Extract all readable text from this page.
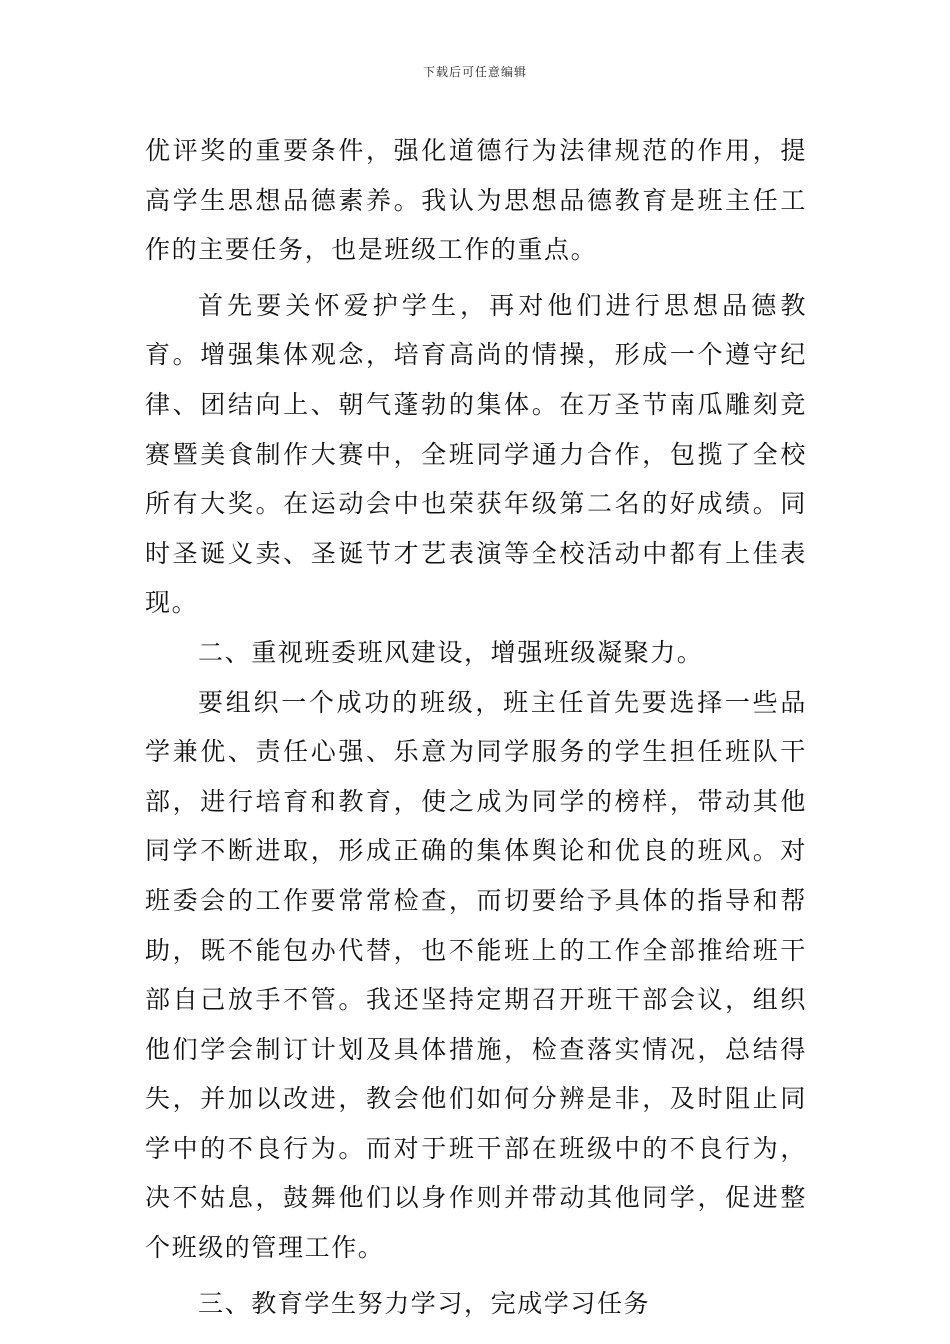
下载后可任意编辑

优评奖的重要条件，强化道德行为法律规范的作用，提高学生思想品德素养。我认为思想品德教育是班主任工作的主要任务，也是班级工作的重点。

首先要关怀爱护学生，再对他们进行思想品德教育。增强集体观念，培育高尚的情操，形成一个遵守纪律、团结向上、朝气蓬勃的集体。在万圣节南瓜雕刻竞赛暨美食制作大赛中，全班同学通力合作，包揽了全校所有大奖。在运动会中也荣获年级第二名的好成绩。同时圣诞义卖、圣诞节才艺表演等全校活动中都有上佳表现。

二、重视班委班风建设，增强班级凝聚力。

要组织一个成功的班级，班主任首先要选择一些品学兼优、责任心强、乐意为同学服务的学生担任班队干部，进行培育和教育，使之成为同学的榜样，带动其他同学不断进取，形成正确的集体舆论和优良的班风。对班委会的工作要常常检查，而切要给予具体的指导和帮助，既不能包办代替，也不能班上的工作全部推给班干部自己放手不管。我还坚持定期召开班干部会议，组织他们学会制订计划及具体措施，检查落实情况，总结得失，并加以改进，教会他们如何分辨是非，及时阻止同学中的不良行为。而对于班干部在班级中的不良行为，决不姑息，鼓舞他们以身作则并带动其他同学，促进整个班级的管理工作。

三、教育学生努力学习，完成学习任务
